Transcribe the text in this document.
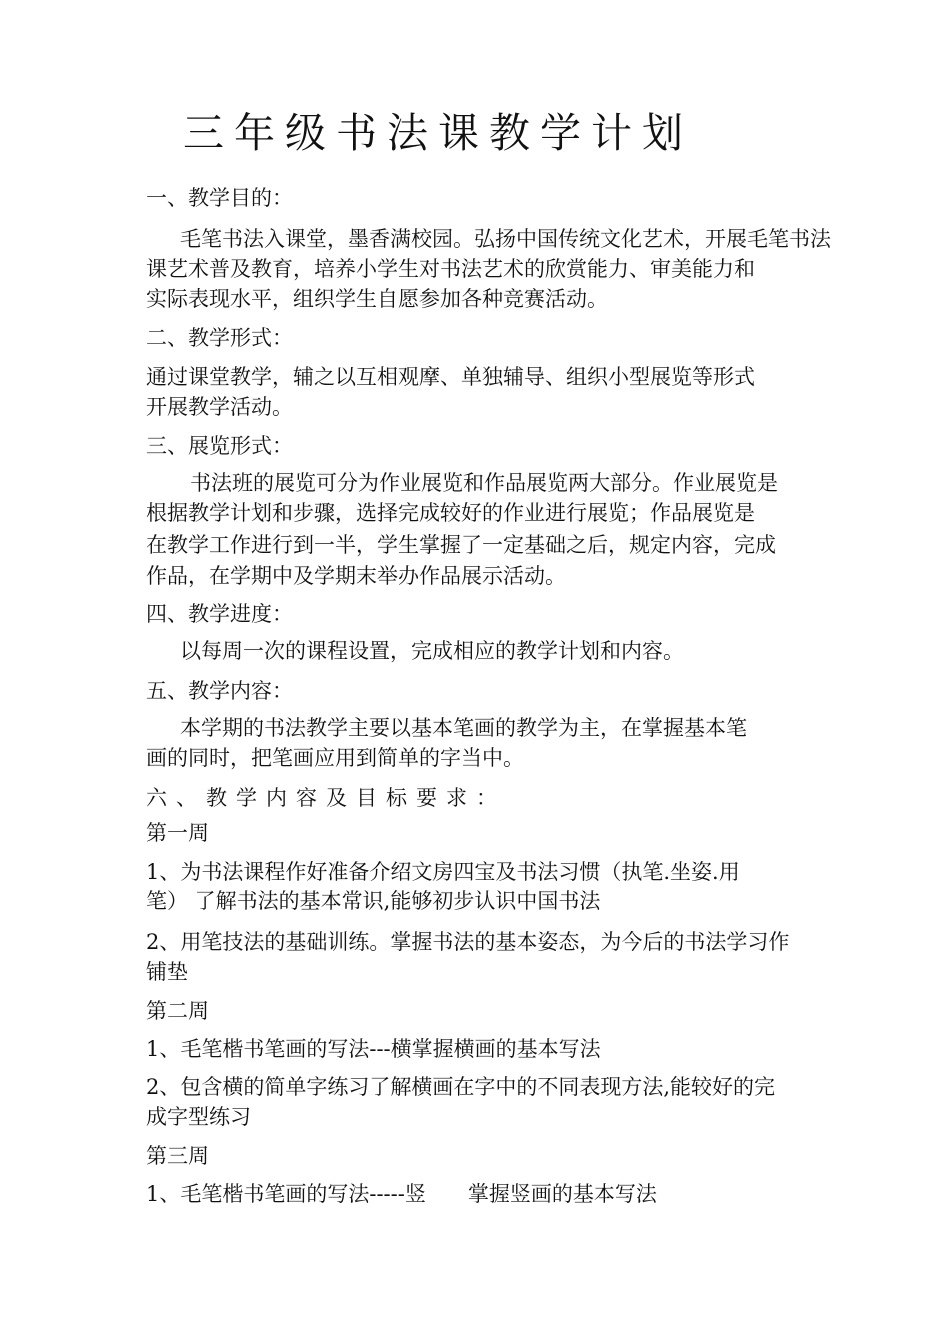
三年级书法课教学计划
一、教学目的：
毛笔书法入课堂，墨香满校园。弘扬中国传统文化艺术，开展毛笔书法
课艺术普及教育，培养小学生对书法艺术的欣赏能力、审美能力和
实际表现水平，组织学生自愿参加各种竞赛活动。
二、教学形式：
通过课堂教学，辅之以互相观摩、单独辅导、组织小型展览等形式
开展教学活动。
三、展览形式：
书法班的展览可分为作业展览和作品展览两大部分。作业展览是
根据教学计划和步骤，选择完成较好的作业进行展览；作品展览是
在教学工作进行到一半，学生掌握了一定基础之后，规定内容，完成
作品，在学期中及学期末举办作品展示活动。
四、教学进度：
以每周一次的课程设置，完成相应的教学计划和内容。
五、教学内容：
本学期的书法教学主要以基本笔画的教学为主，在掌握基本笔
画的同时，把笔画应用到简单的字当中。
六、教学内容及目标要求：
第一周
1、为书法课程作好准备介绍文房四宝及书法习惯（执笔.坐姿.用
笔） 了解书法的基本常识,能够初步认识中国书法
2、用笔技法的基础训练。掌握书法的基本姿态，为今后的书法学习作
铺垫
第二周
1、毛笔楷书笔画的写法---横掌握横画的基本写法
2、包含横的简单字练习了解横画在字中的不同表现方法,能较好的完
成字型练习
第三周
1、毛笔楷书笔画的写法-----竖　　掌握竖画的基本写法
